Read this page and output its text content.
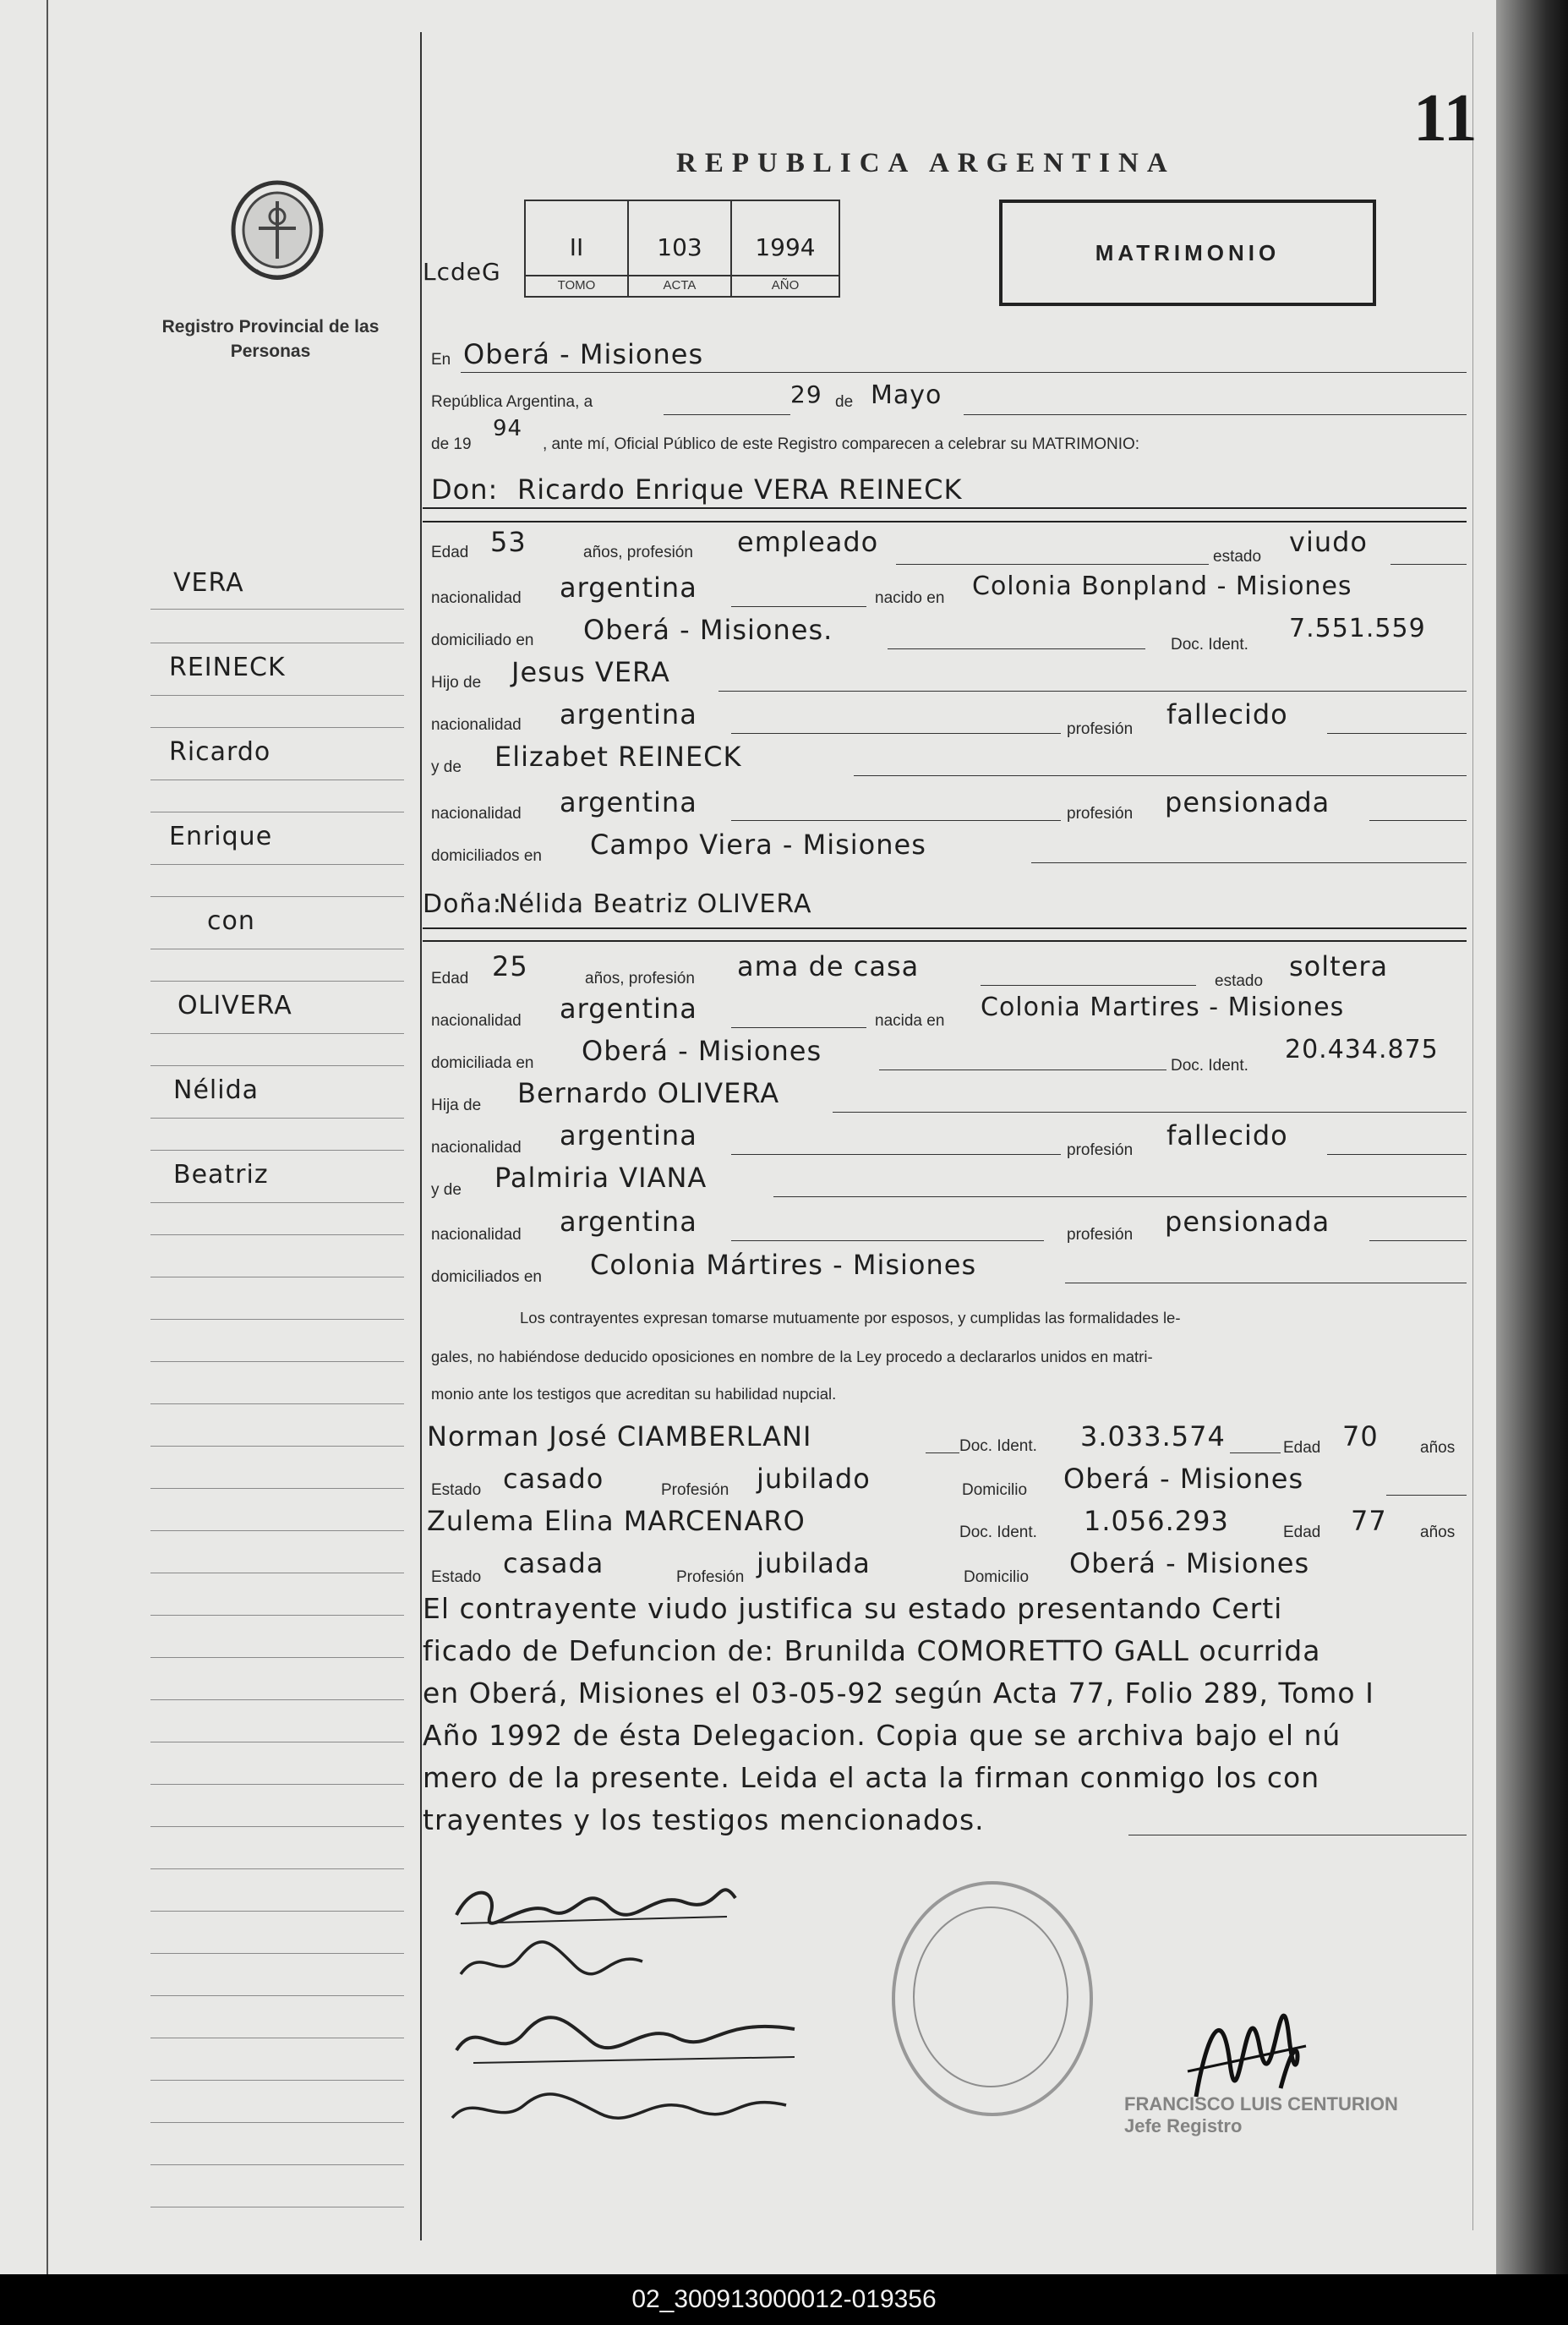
VERA
REINECK
Ricardo
Enrique
con
OLIVERA
Nélida
Beatriz
Registro Provincial de las Personas
11
REPUBLICA ARGENTINA
LcdeG
II
TOMO
103
ACTA
1994
AÑO
MATRIMONIO
En Oberá - Misiones
República Argentina, a	29 de Mayo
de 19
94
, ante mí, Oficial Público de este Registro comparecen a celebrar su MATRIMONIO:
Don: Ricardo Enrique VERA REINECK
Edad 53	años, profesión empleado	estado viudo
nacionalidad argentina	nacido en Colonia Bonpland - Misiones
domiciliado en Oberá - Misiones.	Doc. Ident.
7.551.559
Hijo de Jesus VERA
nacionalidad argentina	profesión fallecido
y de Elizabet REINECK
nacionalidad argentina	profesión pensionada
domiciliados en Campo Viera - Misiones
Doña:
Nélida Beatriz OLIVERA
Edad 25	años, profesión ama de casa	estado soltera
nacionalidad argentina	nacida en Colonia Martires - Misiones
domiciliada en Oberá - Misiones	Doc. Ident.
20.434.875
Hija de Bernardo OLIVERA
nacionalidad argentina	profesión fallecido
y de Palmiria VIANA
nacionalidad argentina	profesión pensionada
domiciliados en Colonia Mártires - Misiones
Los contrayentes expresan tomarse mutuamente por esposos, y cumplidas las formalidades le-
gales, no habiéndose deducido oposiciones en nombre de la Ley procedo a declararlos unidos en matri-
monio ante los testigos que acreditan su habilidad nupcial.
Norman José CIAMBERLANI	Doc. Ident. 3.033.574	Edad 70	años
Estado casado	Profesión jubilado	Domicilio Oberá - Misiones
Zulema Elina MARCENARO	Doc. Ident. 1.056.293	Edad 77 años
Estado casada	Profesión jubilada	Domicilio Oberá - Misiones
El contrayente viudo justifica su estado presentando Certi
ficado de Defuncion de: Brunilda COMORETTO GALL ocurrida
en Oberá, Misiones el 03-05-92 según Acta 77, Folio 289, Tomo I
Año 1992 de ésta Delegacion. Copia que se archiva bajo el nú
mero de la presente. Leida el acta la firman conmigo los con
trayentes y los testigos mencionados.
FRANCISCO LUIS CENTURION
Jefe Registro
02_300913000012-019356
